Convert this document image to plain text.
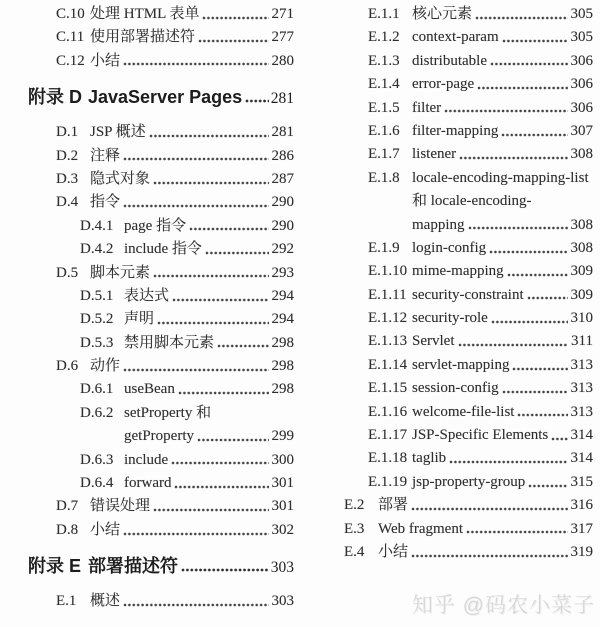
C.10 处理 HTML 表单	271
C.11 使用部署描述符	277
C.12 小结	280
附录 D JavaServer Pages 281
D.1 JSP 概述	281
D.2 注释	286
D.3 隐式对象	287
D.4 指令	290
D.4.1 page 指令	290
D.4.2 include 指令	292
D.5 脚本元素	293
D.5.1 表达式	294
D.5.2 声明	294
D.5.3 禁用脚本元素	298
D.6 动作	298
D.6.1 useBean	298
D.6.2 setProperty 和
getProperty	299
D.6.3 include	300
D.6.4 forward	301
D.7 错误处理	301
D.8 小结	302
附录 E 部署描述符	303
E.1 概述	303
E.1.1 核心元素	305
E.1.2 context-param	305
E.1.3 distributable	306
E.1.4 error-page	306
E.1.5 filter	306
E.1.6 filter-mapping	307
E.1.7 listener	308
E.1.8 locale-encoding-mapping-list
和 locale-encoding-
mapping	308
E.1.9 login-config	308
E.1.10 mime-mapping	309
E.1.11 security-constraint	309
E.1.12 security-role	310
E.1.13 Servlet	311
E.1.14 servlet-mapping	313
E.1.15 session-config	313
E.1.16 welcome-file-list	313
E.1.17 JSP-Specific Elements 314
E.1.18 taglib	314
E.1.19 jsp-property-group	315
E.2 部署	316
E.3 Web fragment	317
E.4 小结	319
知乎 @码农小菜子
